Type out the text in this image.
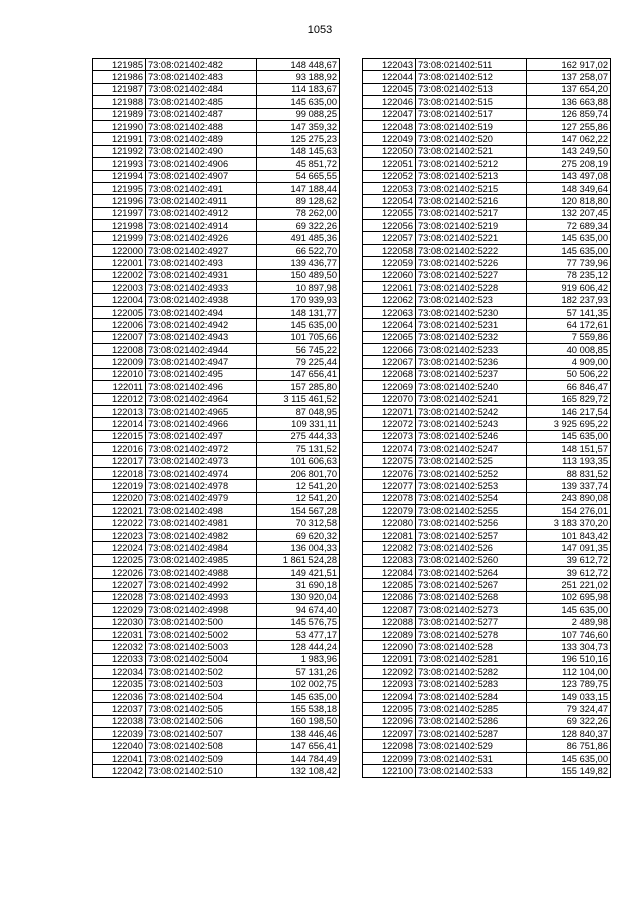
1053
121985	73:08:021402:482	148 448,67
121986	73:08:021402:483	93 188,92
121987	73:08:021402:484	114 183,67
121988	73:08:021402:485	145 635,00
121989	73:08:021402:487	99 088,25
121990	73:08:021402:488	147 359,32
121991	73:08:021402:489	125 275,23
121992	73:08:021402:490	148 145,63
121993	73:08:021402:4906	45 851,72
121994	73:08:021402:4907	54 665,55
121995	73:08:021402:491	147 188,44
121996	73:08:021402:4911	89 128,62
121997	73:08:021402:4912	78 262,00
121998	73:08:021402:4914	69 322,26
121999	73:08:021402:4926	491 485,36
122000	73:08:021402:4927	66 522,70
122001	73:08:021402:493	139 436,77
122002	73:08:021402:4931	150 489,50
122003	73:08:021402:4933	10 897,98
122004	73:08:021402:4938	170 939,93
122005	73:08:021402:494	148 131,77
122006	73:08:021402:4942	145 635,00
122007	73:08:021402:4943	101 705,66
122008	73:08:021402:4944	56 745,22
122009	73:08:021402:4947	79 225,44
122010	73:08:021402:495	147 656,41
122011	73:08:021402:496	157 285,80
122012	73:08:021402:4964	3 115 461,52
122013	73:08:021402:4965	87 048,95
122014	73:08:021402:4966	109 331,11
122015	73:08:021402:497	275 444,33
122016	73:08:021402:4972	75 131,52
122017	73:08:021402:4973	101 606,63
122018	73:08:021402:4974	206 801,70
122019	73:08:021402:4978	12 541,20
122020	73:08:021402:4979	12 541,20
122021	73:08:021402:498	154 567,28
122022	73:08:021402:4981	70 312,58
122023	73:08:021402:4982	69 620,32
122024	73:08:021402:4984	136 004,33
122025	73:08:021402:4985	1 861 524,28
122026	73:08:021402:4988	149 421,51
122027	73:08:021402:4992	31 690,18
122028	73:08:021402:4993	130 920,04
122029	73:08:021402:4998	94 674,40
122030	73:08:021402:500	145 576,75
122031	73:08:021402:5002	53 477,17
122032	73:08:021402:5003	128 444,24
122033	73:08:021402:5004	1 983,96
122034	73:08:021402:502	57 131,26
122035	73:08:021402:503	102 002,75
122036	73:08:021402:504	145 635,00
122037	73:08:021402:505	155 538,18
122038	73:08:021402:506	160 198,50
122039	73:08:021402:507	138 446,46
122040	73:08:021402:508	147 656,41
122041	73:08:021402:509	144 784,49
122042	73:08:021402:510	132 108,42
122043	73:08:021402:511	162 917,02
122044	73:08:021402:512	137 258,07
122045	73:08:021402:513	137 654,20
122046	73:08:021402:515	136 663,88
122047	73:08:021402:517	126 859,74
122048	73:08:021402:519	127 255,86
122049	73:08:021402:520	147 062,22
122050	73:08:021402:521	143 249,50
122051	73:08:021402:5212	275 208,19
122052	73:08:021402:5213	143 497,08
122053	73:08:021402:5215	148 349,64
122054	73:08:021402:5216	120 818,80
122055	73:08:021402:5217	132 207,45
122056	73:08:021402:5219	72 689,34
122057	73:08:021402:5221	145 635,00
122058	73:08:021402:5222	145 635,00
122059	73:08:021402:5226	77 739,96
122060	73:08:021402:5227	78 235,12
122061	73:08:021402:5228	919 606,42
122062	73:08:021402:523	182 237,93
122063	73:08:021402:5230	57 141,35
122064	73:08:021402:5231	64 172,61
122065	73:08:021402:5232	7 559,86
122066	73:08:021402:5233	40 008,85
122067	73:08:021402:5236	4 909,00
122068	73:08:021402:5237	50 506,22
122069	73:08:021402:5240	66 846,47
122070	73:08:021402:5241	165 829,72
122071	73:08:021402:5242	146 217,54
122072	73:08:021402:5243	3 925 695,22
122073	73:08:021402:5246	145 635,00
122074	73:08:021402:5247	148 151,57
122075	73:08:021402:525	113 193,35
122076	73:08:021402:5252	88 831,52
122077	73:08:021402:5253	139 337,74
122078	73:08:021402:5254	243 890,08
122079	73:08:021402:5255	154 276,01
122080	73:08:021402:5256	3 183 370,20
122081	73:08:021402:5257	101 843,42
122082	73:08:021402:526	147 091,35
122083	73:08:021402:5260	39 612,72
122084	73:08:021402:5264	39 612,72
122085	73:08:021402:5267	251 221,02
122086	73:08:021402:5268	102 695,98
122087	73:08:021402:5273	145 635,00
122088	73:08:021402:5277	2 489,98
122089	73:08:021402:5278	107 746,60
122090	73:08:021402:528	133 304,73
122091	73:08:021402:5281	196 510,16
122092	73:08:021402:5282	112 104,00
122093	73:08:021402:5283	123 789,75
122094	73:08:021402:5284	149 033,15
122095	73:08:021402:5285	79 324,47
122096	73:08:021402:5286	69 322,26
122097	73:08:021402:5287	128 840,37
122098	73:08:021402:529	86 751,86
122099	73:08:021402:531	145 635,00
122100	73:08:021402:533	155 149,82
